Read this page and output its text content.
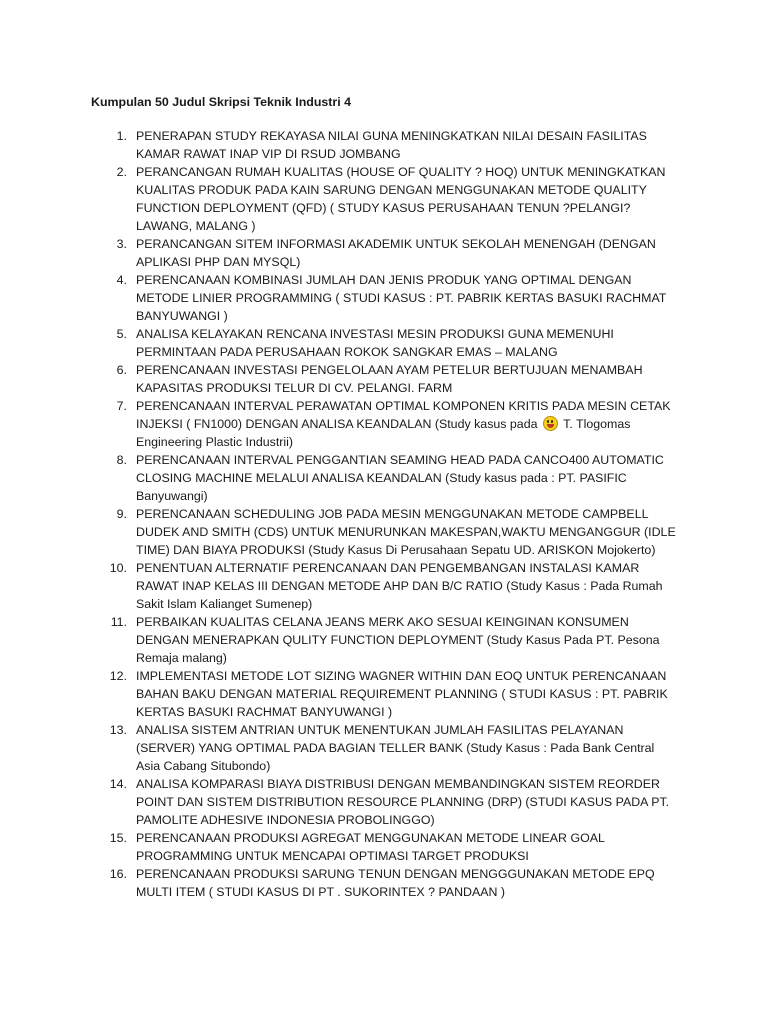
Kumpulan 50 Judul Skripsi Teknik Industri 4
1. PENERAPAN STUDY REKAYASA NILAI GUNA MENINGKATKAN NILAI DESAIN FASILITAS KAMAR RAWAT INAP VIP DI RSUD JOMBANG
2. PERANCANGAN RUMAH KUALITAS (HOUSE OF QUALITY ? HOQ) UNTUK MENINGKATKAN KUALITAS PRODUK PADA KAIN SARUNG DENGAN MENGGUNAKAN METODE QUALITY FUNCTION DEPLOYMENT (QFD) ( STUDY KASUS PERUSAHAAN TENUN ?PELANGI? LAWANG, MALANG )
3. PERANCANGAN SITEM INFORMASI AKADEMIK UNTUK SEKOLAH MENENGAH (DENGAN APLIKASI PHP DAN MYSQL)
4. PERENCANAAN KOMBINASI JUMLAH DAN JENIS PRODUK YANG OPTIMAL DENGAN METODE LINIER PROGRAMMING ( STUDI KASUS : PT. PABRIK KERTAS BASUKI RACHMAT BANYUWANGI )
5. ANALISA KELAYAKAN RENCANA INVESTASI MESIN PRODUKSI GUNA MEMENUHI PERMINTAAN PADA PERUSAHAAN ROKOK SANGKAR EMAS – MALANG
6. PERENCANAAN INVESTASI PENGELOLAAN AYAM PETELUR BERTUJUAN MENAMBAH KAPASITAS PRODUKSI TELUR DI CV. PELANGI. FARM
7. PERENCANAAN INTERVAL PERAWATAN OPTIMAL KOMPONEN KRITIS PADA MESIN CETAK INJEKSI ( FN1000) DENGAN ANALISA KEANDALAN (Study kasus pada T. Tlogomas Engineering Plastic Industrii)
8. PERENCANAAN INTERVAL PENGGANTIAN SEAMING HEAD PADA CANCO400 AUTOMATIC CLOSING MACHINE MELALUI ANALISA KEANDALAN (Study kasus pada : PT. PASIFIC Banyuwangi)
9. PERENCANAAN SCHEDULING JOB PADA MESIN MENGGUNAKAN METODE CAMPBELL DUDEK AND SMITH (CDS) UNTUK MENURUNKAN MAKESPAN,WAKTU MENGANGGUR (IDLE TIME) DAN BIAYA PRODUKSI (Study Kasus Di Perusahaan Sepatu UD. ARISKON Mojokerto)
10. PENENTUAN ALTERNATIF PERENCANAAN DAN PENGEMBANGAN INSTALASI KAMAR RAWAT INAP KELAS III DENGAN METODE AHP DAN B/C RATIO (Study Kasus : Pada Rumah Sakit Islam Kalianget Sumenep)
11. PERBAIKAN KUALITAS CELANA JEANS MERK AKO SESUAI KEINGINAN KONSUMEN DENGAN MENERAPKAN QULITY FUNCTION DEPLOYMENT (Study Kasus Pada PT. Pesona Remaja malang)
12. IMPLEMENTASI METODE LOT SIZING WAGNER WITHIN DAN EOQ UNTUK PERENCANAAN BAHAN BAKU DENGAN MATERIAL REQUIREMENT PLANNING ( STUDI KASUS : PT. PABRIK KERTAS BASUKI RACHMAT BANYUWANGI )
13. ANALISA SISTEM ANTRIAN UNTUK MENENTUKAN JUMLAH FASILITAS PELAYANAN (SERVER) YANG OPTIMAL PADA BAGIAN TELLER BANK (Study Kasus : Pada Bank Central Asia Cabang Situbondo)
14. ANALISA KOMPARASI BIAYA DISTRIBUSI DENGAN MEMBANDINGKAN SISTEM REORDER POINT DAN SISTEM DISTRIBUTION RESOURCE PLANNING (DRP) (STUDI KASUS PADA PT. PAMOLITE ADHESIVE INDONESIA PROBOLINGGO)
15. PERENCANAAN PRODUKSI AGREGAT MENGGUNAKAN METODE LINEAR GOAL PROGRAMMING UNTUK MENCAPAI OPTIMASI TARGET PRODUKSI
16. PERENCANAAN PRODUKSI SARUNG TENUN DENGAN MENGGGUNAKAN METODE EPQ MULTI ITEM ( STUDI KASUS DI PT . SUKORINTEX ? PANDAAN )
